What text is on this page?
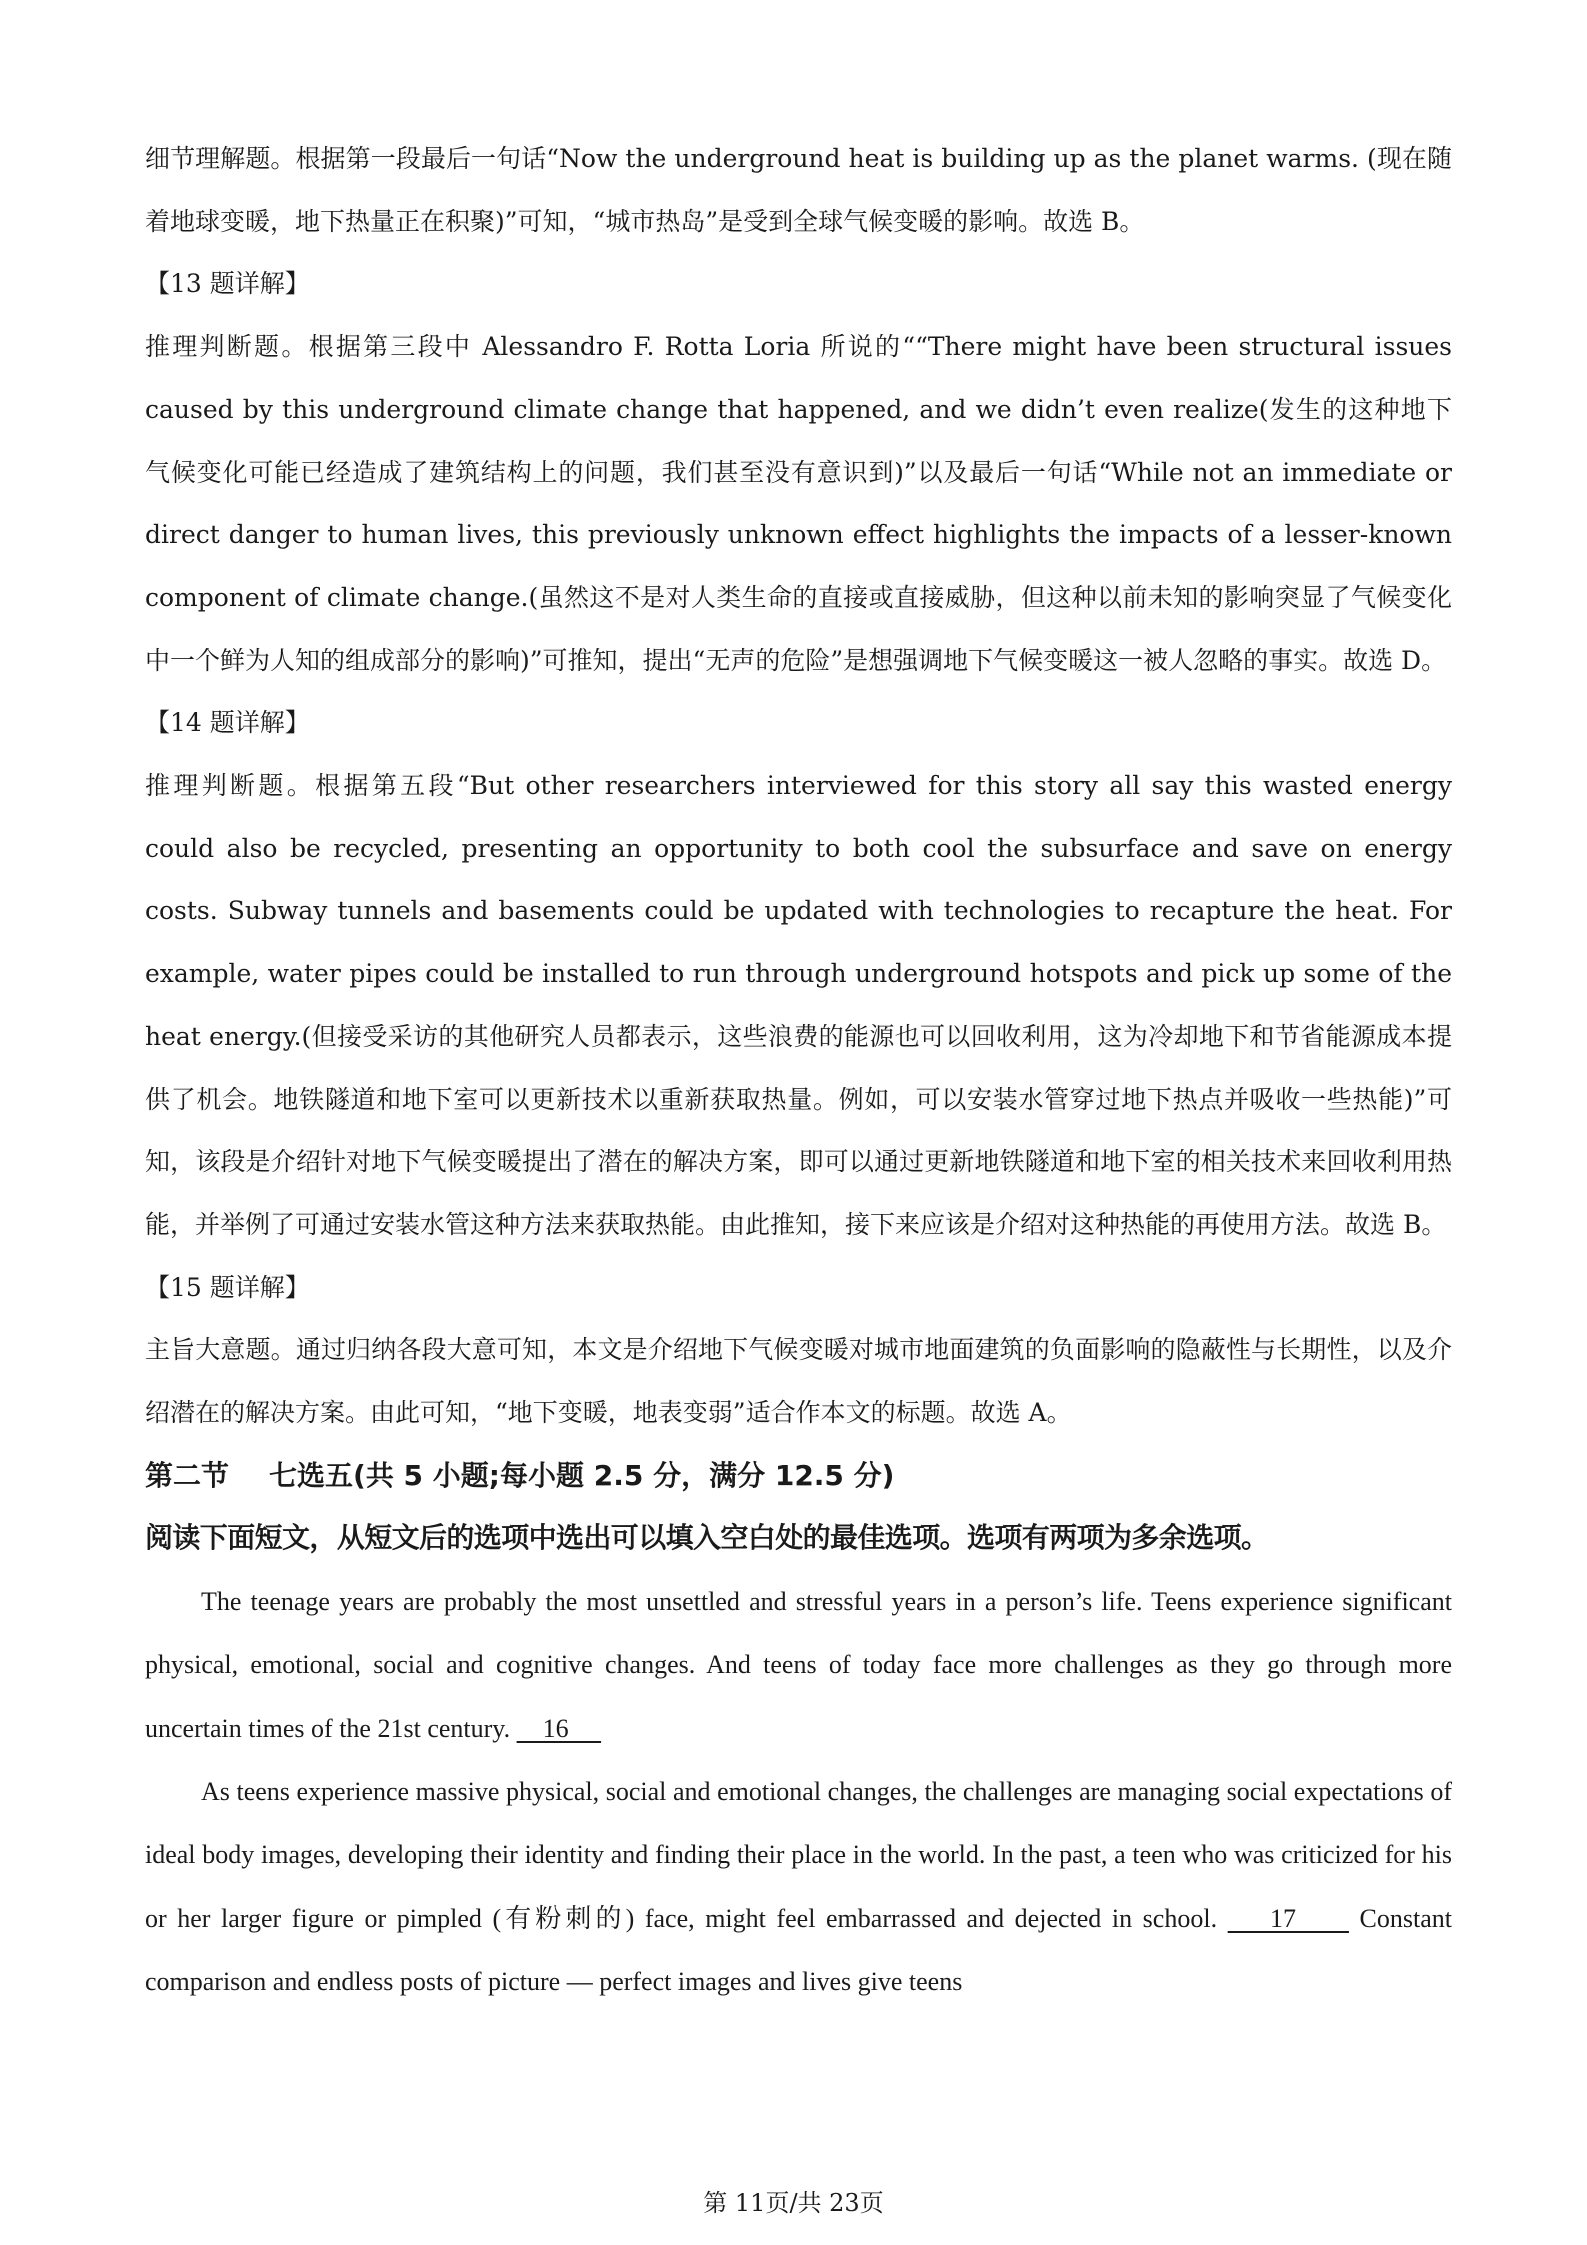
细节理解题。根据第一段最后一句话“Now the underground heat is building up as the planet warms. (现在随着地球变暖，地下热量正在积聚)”可知，“城市热岛”是受到全球气候变暖的影响。故选 B。

【13 题详解】

推理判断题。根据第三段中 Alessandro F. Rotta Loria 所说的““There might have been structural issues caused by this underground climate change that happened, and we didn’t even realize(发生的这种地下气候变化可能已经造成了建筑结构上的问题，我们甚至没有意识到)”以及最后一句话“While not an immediate or direct danger to human lives, this previously unknown effect highlights the impacts of a lesser-known component of climate change.(虽然这不是对人类生命的直接或直接威胁，但这种以前未知的影响突显了气候变化中一个鲜为人知的组成部分的影响)”可推知，提出“无声的危险”是想强调地下气候变暖这一被人忽略的事实。故选 D。

【14 题详解】

推理判断题。根据第五段“But other researchers interviewed for this story all say this wasted energy could also be recycled, presenting an opportunity to both cool the subsurface and save on energy costs. Subway tunnels and basements could be updated with technologies to recapture the heat. For example, water pipes could be installed to run through underground hotspots and pick up some of the heat energy.(但接受采访的其他研究人员都表示，这些浪费的能源也可以回收利用，这为冷却地下和节省能源成本提供了机会。地铁隧道和地下室可以更新技术以重新获取热量。例如，可以安装水管穿过地下热点并吸收一些热能)”可知，该段是介绍针对地下气候变暖提出了潜在的解决方案，即可以通过更新地铁隧道和地下室的相关技术来回收利用热能，并举例了可通过安装水管这种方法来获取热能。由此推知，接下来应该是介绍对这种热能的再使用方法。故选 B。

【15 题详解】

主旨大意题。通过归纳各段大意可知，本文是介绍地下气候变暖对城市地面建筑的负面影响的隐蔽性与长期性，以及介绍潜在的解决方案。由此可知，“地下变暖，地表变弱”适合作本文的标题。故选 A。

第二节 七选五(共 5 小题;每小题 2.5 分，满分 12.5 分)

阅读下面短文，从短文后的选项中选出可以填入空白处的最佳选项。选项有两项为多余选项。

The teenage years are probably the most unsettled and stressful years in a person’s life. Teens experience significant physical, emotional, social and cognitive changes. And teens of today face more challenges as they go through more uncertain times of the 21st century.     16

As teens experience massive physical, social and emotional changes, the challenges are managing social expectations of ideal body images, developing their identity and finding their place in the world. In the past, a teen who was criticized for his or her larger figure or pimpled (有粉刺的) face, might feel embarrassed and dejected in school.     17      Constant comparison and endless posts of picture — perfect images and lives give teens

第 11页/共 23页
